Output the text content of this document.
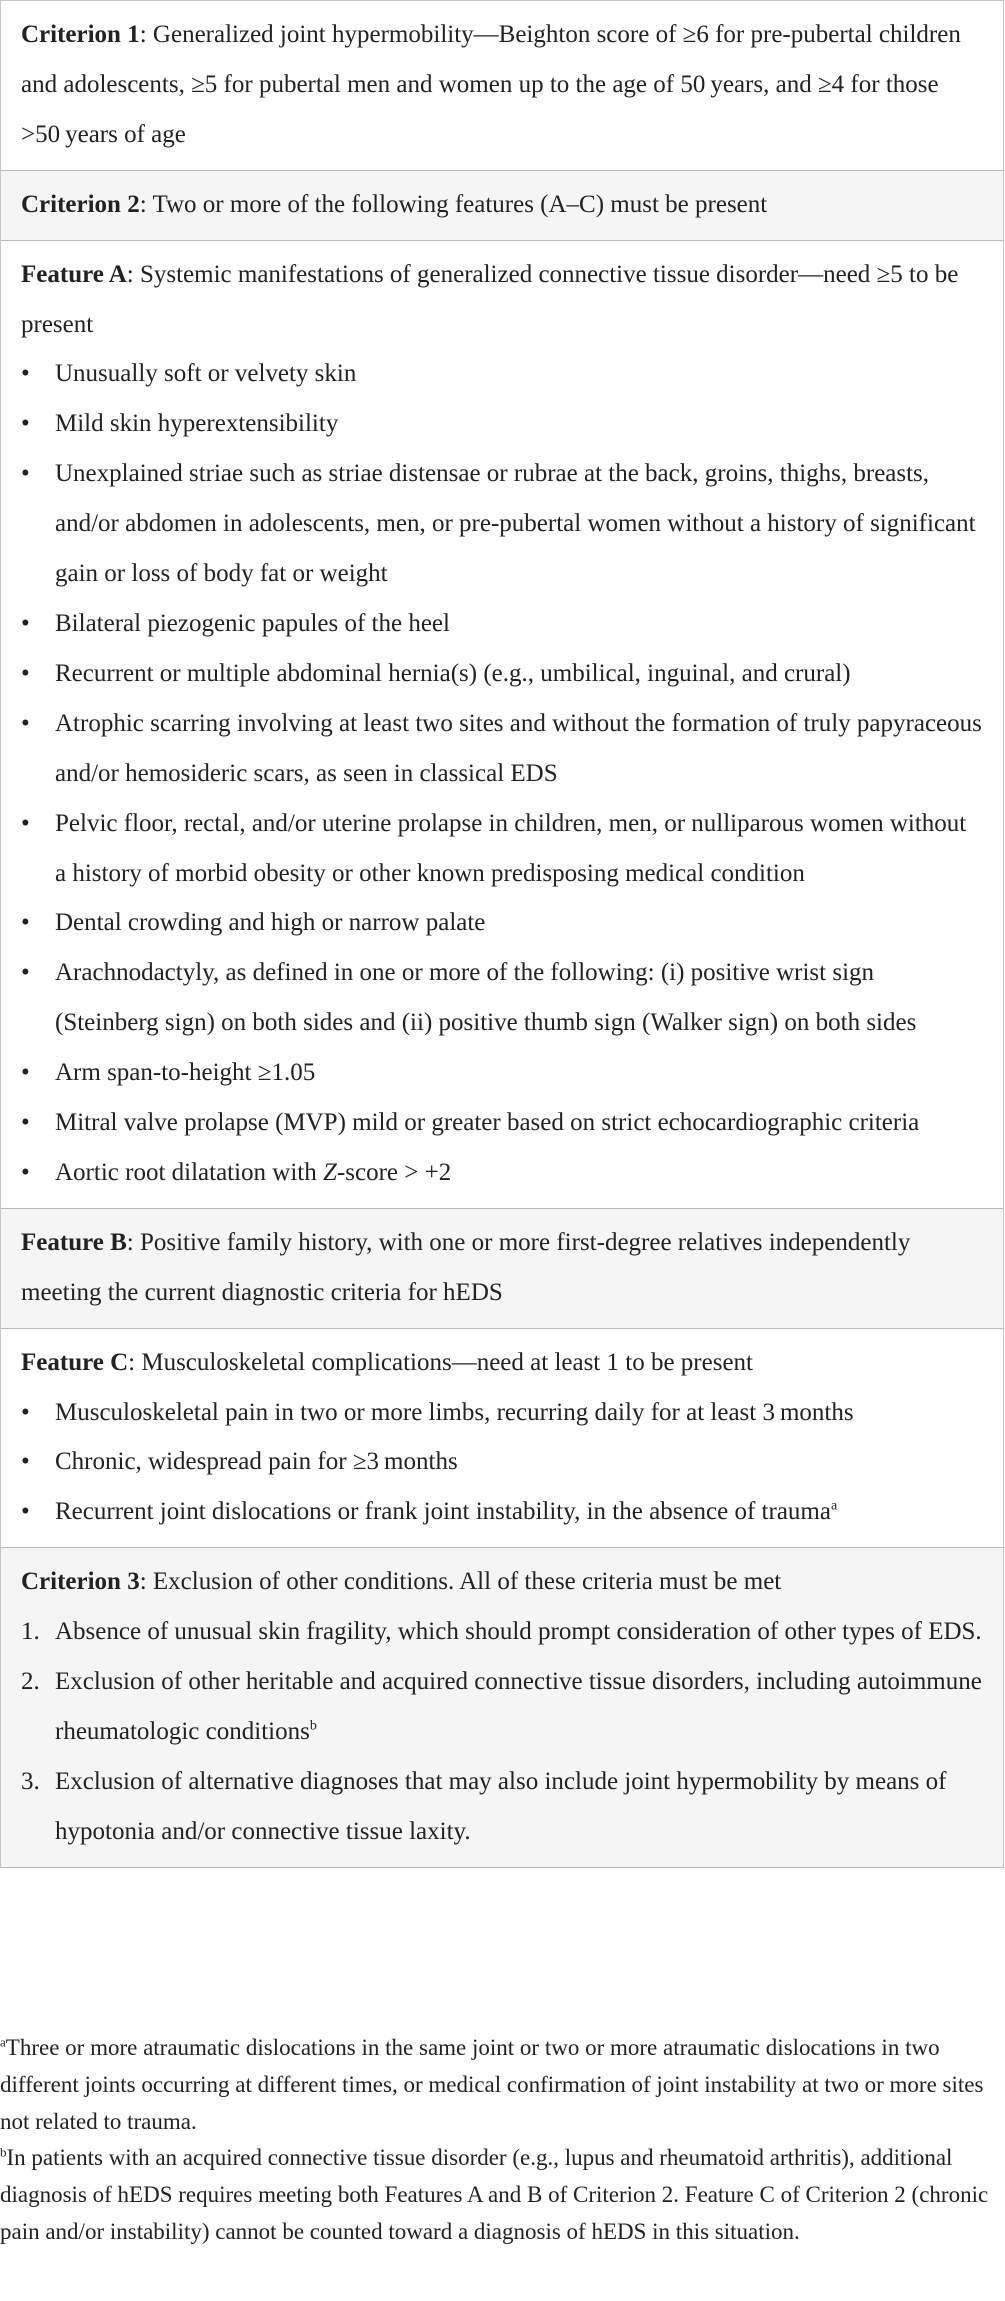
Criterion 1: Generalized joint hypermobility—Beighton score of ≥6 for pre-pubertal children and adolescents, ≥5 for pubertal men and women up to the age of 50 years, and ≥4 for those >50 years of age
Criterion 2: Two or more of the following features (A–C) must be present
Feature A: Systemic manifestations of generalized connective tissue disorder—need ≥5 to be present
• Unusually soft or velvety skin
• Mild skin hyperextensibility
• Unexplained striae such as striae distensae or rubrae at the back, groins, thighs, breasts, and/or abdomen in adolescents, men, or pre-pubertal women without a history of significant gain or loss of body fat or weight
• Bilateral piezogenic papules of the heel
• Recurrent or multiple abdominal hernia(s) (e.g., umbilical, inguinal, and crural)
• Atrophic scarring involving at least two sites and without the formation of truly papyraceous and/or hemosideric scars, as seen in classical EDS
• Pelvic floor, rectal, and/or uterine prolapse in children, men, or nulliparous women without a history of morbid obesity or other known predisposing medical condition
• Dental crowding and high or narrow palate
• Arachnodactyly, as defined in one or more of the following: (i) positive wrist sign (Steinberg sign) on both sides and (ii) positive thumb sign (Walker sign) on both sides
• Arm span-to-height ≥1.05
• Mitral valve prolapse (MVP) mild or greater based on strict echocardiographic criteria
• Aortic root dilatation with Z-score > +2
Feature B: Positive family history, with one or more first-degree relatives independently meeting the current diagnostic criteria for hEDS
Feature C: Musculoskeletal complications—need at least 1 to be present
• Musculoskeletal pain in two or more limbs, recurring daily for at least 3 months
• Chronic, widespread pain for ≥3 months
• Recurrent joint dislocations or frank joint instability, in the absence of trauma$^a$
Criterion 3: Exclusion of other conditions. All of these criteria must be met
1. Absence of unusual skin fragility, which should prompt consideration of other types of EDS.
2. Exclusion of other heritable and acquired connective tissue disorders, including autoimmune rheumatologic conditions$^b$
3. Exclusion of alternative diagnoses that may also include joint hypermobility by means of hypotonia and/or connective tissue laxity.

$^a$Three or more atraumatic dislocations in the same joint or two or more atraumatic dislocations in two different joints occurring at different times, or medical confirmation of joint instability at two or more sites not related to trauma.

$^b$In patients with an acquired connective tissue disorder (e.g., lupus and rheumatoid arthritis), additional diagnosis of hEDS requires meeting both Features A and B of Criterion 2. Feature C of Criterion 2 (chronic pain and/or instability) cannot be counted toward a diagnosis of hEDS in this situation.
